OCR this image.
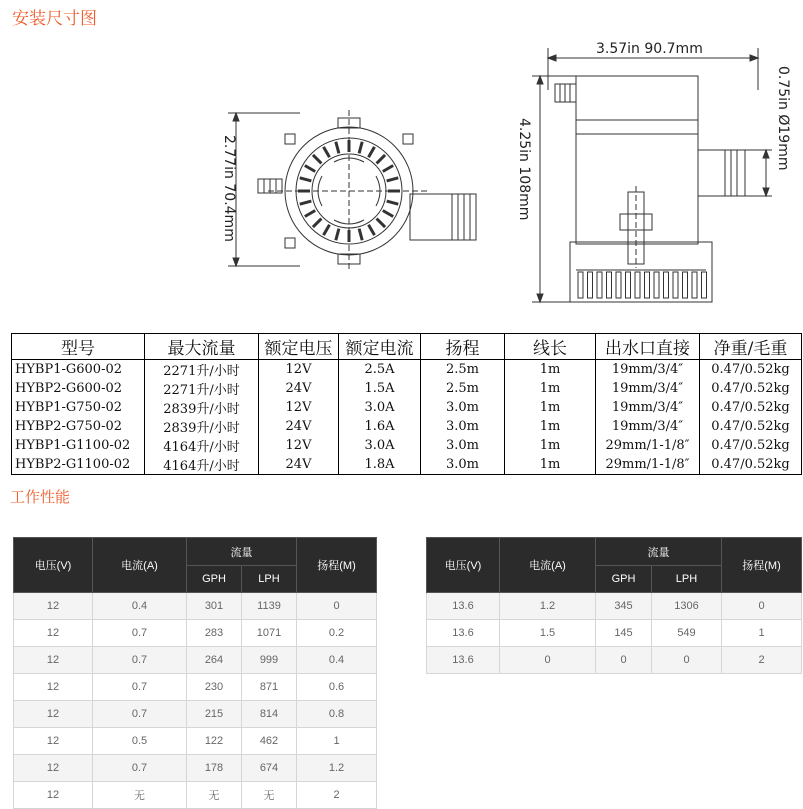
安装尺寸图
3.57in 90.7mm
2.77in 70.4mm	4.25in 108mm	0.75in Ø19mm
型号	最大流量	额定电压	额定电流	扬程	线长	出水口直接	净重/毛重
HYBP1-G600-02	2271升/小时	12V	2.5A	2.5m	1m	19mm/3/4″	0.47/0.52kg
HYBP2-G600-02	2271升/小时	24V	1.5A	2.5m	1m	19mm/3/4″	0.47/0.52kg
HYBP1-G750-02	2839升/小时	12V	3.0A	3.0m	1m	19mm/3/4″	0.47/0.52kg
HYBP2-G750-02	2839升/小时	24V	1.6A	3.0m	1m	19mm/3/4″	0.47/0.52kg
HYBP1-G1100-02	4164升/小时	12V	3.0A	3.0m	1m	29mm/1-1/8″	0.47/0.52kg
HYBP2-G1100-02	4164升/小时	24V	1.8A	3.0m	1m	29mm/1-1/8″	0.47/0.52kg
工作性能
电压(V)	电流(A)	流量		扬程(M)
		GPH	LPH	
12	0.4	301	1139	0
12	0.7	283	1071	0.2
12	0.7	264	999	0.4
12	0.7	230	871	0.6
12	0.7	215	814	0.8
12	0.5	122	462	1
12	0.7	178	674	1.2
12	无	无	无	2
电压(V)	电流(A)	流量		扬程(M)
		GPH	LPH	
13.6	1.2	345	1306	0
13.6	1.5	145	549	1
13.6	0	0	0	2
